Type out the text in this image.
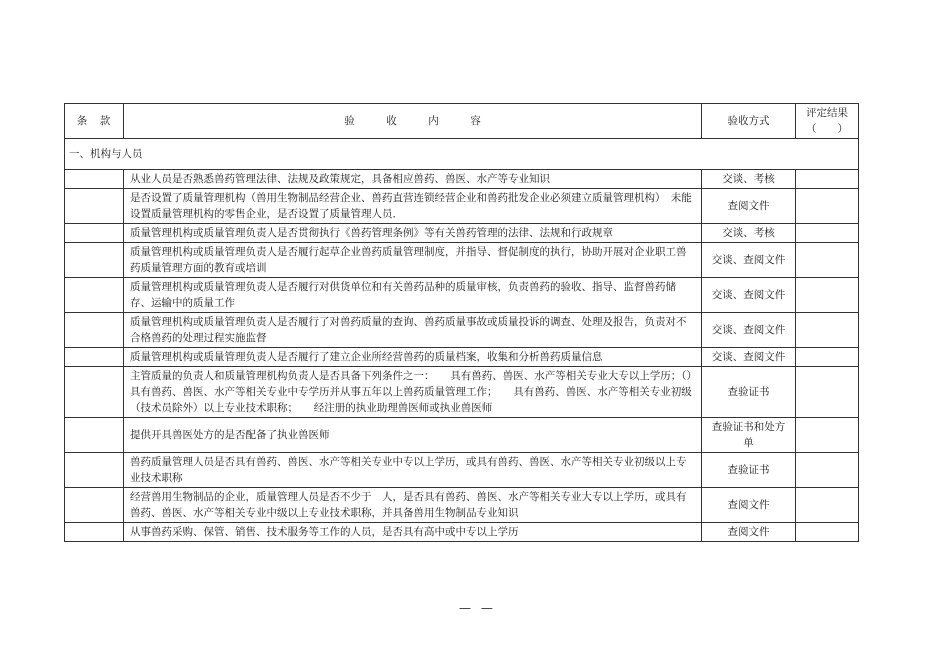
条　款	验　　　收　　　内　　　容	验收方式	评定结果
（　　）

一、机构与人员			
	从业人员是否熟悉兽药管理法律、法规及政策规定，具备相应兽药、兽医、水产等专业知识	交谈、考核	
	是否设置了质量管理机构（兽用生物制品经营企业、兽药直营连锁经营企业和兽药批发企业必须建立质量管理机构）　未能设置质量管理机构的零售企业，是否设置了质量管理人员．	查阅文件	
	质量管理机构或质量管理负责人是否贯彻执行《兽药管理条例》等有关兽药管理的法律、法规和行政规章	交谈、考核	
	质量管理机构或质量管理负责人是否履行起草企业兽药质量管理制度，并指导、督促制度的执行，协助开展对企业职工兽药质量管理方面的教育或培训	交谈、查阅文件	
	质量管理机构或质量管理负责人是否履行对供货单位和有关兽药品种的质量审核，负责兽药的验收、指导、监督兽药储存、运输中的质量工作	交谈、查阅文件	
	质量管理机构或质量管理负责人是否履行了对兽药质量的查询、兽药质量事故或质量投诉的调查、处理及报告，负责对不合格兽药的处理过程实施监督	交谈、查阅文件	
	质量管理机构或质量管理负责人是否履行了建立企业所经营兽药的质量档案，收集和分析兽药质量信息	交谈、查阅文件	
	主管质量的负责人和质量管理机构负责人是否具备下列条件之一：　　具有兽药、兽医、水产等相关专业大专以上学历；（）具有兽药、兽医、水产等相关专业中专学历并从事五年以上兽药质量管理工作；　　具有兽药、兽医、水产等相关专业初级（技术员除外）以上专业技术职称；　　经注册的执业助理兽医师或执业兽医师	查验证书	
	提供开具兽医处方的是否配备了执业兽医师	查验证书和处方单	
	兽药质量管理人员是否具有兽药、兽医、水产等相关专业中专以上学历，或具有兽药、兽医、水产等相关专业初级以上专业技术职称	查验证书	
	经营兽用生物制品的企业，质量管理人员是否不少于　人，是否具有兽药、兽医、水产等相关专业大专以上学历，或具有兽药、兽医、水产等相关专业中级以上专业技术职称，并具备兽用生物制品专业知识	查阅文件	
	从事兽药采购、保管、销售、技术服务等工作的人员，是否具有高中或中专以上学历	查阅文件	
— —
